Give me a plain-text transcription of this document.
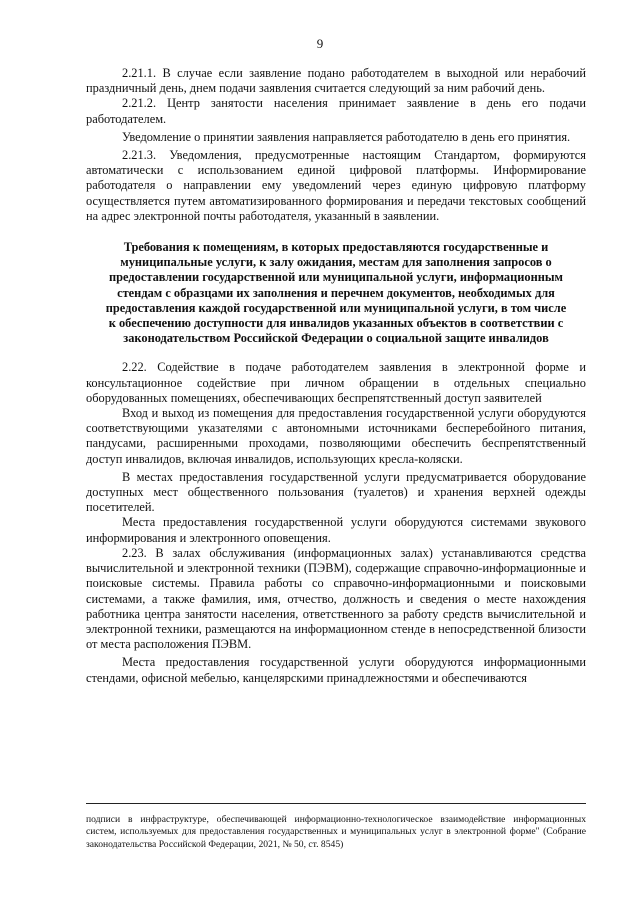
9

2.21.1. В случае если заявление подано работодателем в выходной или нерабочий праздничный день, днем подачи заявления считается следующий за ним рабочий день.

2.21.2. Центр занятости населения принимает заявление в день его подачи работодателем.

Уведомление о принятии заявления направляется работодателю в день его принятия.

2.21.3. Уведомления, предусмотренные настоящим Стандартом, формируются автоматически с использованием единой цифровой платформы. Информирование работодателя о направлении ему уведомлений через единую цифровую платформу осуществляется путем автоматизированного формирования и передачи текстовых сообщений на адрес электронной почты работодателя, указанный в заявлении.

Требования к помещениям, в которых предоставляются государственные и муниципальные услуги, к залу ожидания, местам для заполнения запросов о предоставлении государственной или муниципальной услуги, информационным стендам с образцами их заполнения и перечнем документов, необходимых для предоставления каждой государственной или муниципальной услуги, в том числе к обеспечению доступности для инвалидов указанных объектов в соответствии с законодательством Российской Федерации о социальной защите инвалидов

2.22. Содействие в подаче работодателем заявления в электронной форме и консультационное содействие при личном обращении в отдельных специально оборудованных помещениях, обеспечивающих беспрепятственный доступ заявителей

Вход и выход из помещения для предоставления государственной услуги оборудуются соответствующими указателями с автономными источниками бесперебойного питания, пандусами, расширенными проходами, позволяющими обеспечить беспрепятственный доступ инвалидов, включая инвалидов, использующих кресла-коляски.

В местах предоставления государственной услуги предусматривается оборудование доступных мест общественного пользования (туалетов) и хранения верхней одежды посетителей.

Места предоставления государственной услуги оборудуются системами звукового информирования и электронного оповещения.

2.23. В залах обслуживания (информационных залах) устанавливаются средства вычислительной и электронной техники (ПЭВМ), содержащие справочно-информационные и поисковые системы. Правила работы со справочно-информационными и поисковыми системами, а также фамилия, имя, отчество, должность и сведения о месте нахождения работника центра занятости населения, ответственного за работу средств вычислительной и электронной техники, размещаются на информационном стенде в непосредственной близости от места расположения ПЭВМ.

Места предоставления государственной услуги оборудуются информационными стендами, офисной мебелью, канцелярскими принадлежностями и обеспечиваются

подписи в инфраструктуре, обеспечивающей информационно-технологическое взаимодействие информационных систем, используемых для предоставления государственных и муниципальных услуг в электронной форме" (Собрание законодательства Российской Федерации, 2021, № 50, ст. 8545)
